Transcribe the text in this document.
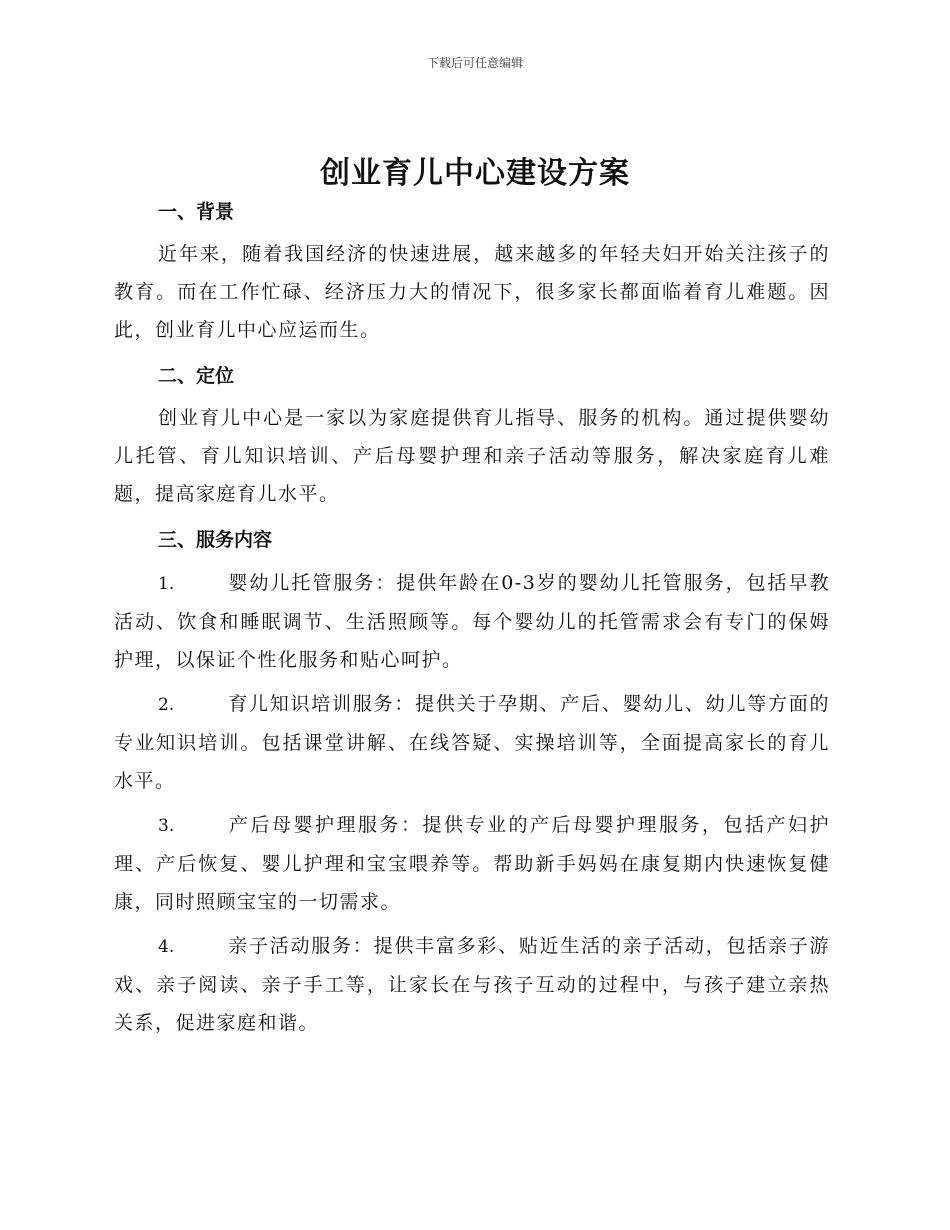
下载后可任意编辑
创业育儿中心建设方案
一、背景

近年来，随着我国经济的快速进展，越来越多的年轻夫妇开始关注孩子的教育。而在工作忙碌、经济压力大的情况下，很多家长都面临着育儿难题。因此，创业育儿中心应运而生。

二、定位

创业育儿中心是一家以为家庭提供育儿指导、服务的机构。通过提供婴幼儿托管、育儿知识培训、产后母婴护理和亲子活动等服务，解决家庭育儿难题，提高家庭育儿水平。

三、服务内容

1.	婴幼儿托管服务：提供年龄在0-3岁的婴幼儿托管服务，包括早教活动、饮食和睡眠调节、生活照顾等。每个婴幼儿的托管需求会有专门的保姆护理，以保证个性化服务和贴心呵护。

2.	育儿知识培训服务：提供关于孕期、产后、婴幼儿、幼儿等方面的专业知识培训。包括课堂讲解、在线答疑、实操培训等，全面提高家长的育儿水平。

3.	产后母婴护理服务：提供专业的产后母婴护理服务，包括产妇护理、产后恢复、婴儿护理和宝宝喂养等。帮助新手妈妈在康复期内快速恢复健康，同时照顾宝宝的一切需求。

4.	亲子活动服务：提供丰富多彩、贴近生活的亲子活动，包括亲子游戏、亲子阅读、亲子手工等，让家长在与孩子互动的过程中，与孩子建立亲热关系，促进家庭和谐。
